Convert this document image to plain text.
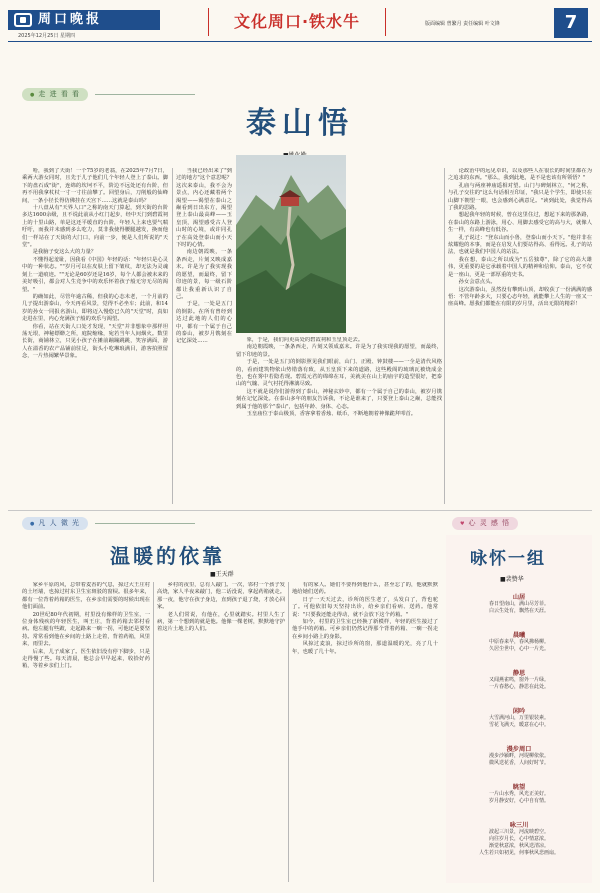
周口晚报
2025年12月25日 星期四
文化周口·铁水牛	版面编辑 曾繁月 责任编辑 叶文锋	7
● 走 进 看 看
泰山悟

哈，我到了天街！一个75岁的老翁，在2025年7月7日，乘两大游女同时，且先于儿子他们几个年轻人登上了泰山。脚下的盘石成"街"，连绵的坎坷不平，阶边不远处还有台阶，但再不用我拿杖杖一寸一寸往前攀了。回望身后，刀削般的仙峰间，一条小径长得仿佛挂在天宫下……这就是泰山吗？

十八盘从有"天界人口"之称的南天门算起，到天街的台阶多达1600余级，且不说此前从小红门起步，经中天门到碧霞祠上的十里山路，单是这还平缓直的台阶，年轻人上来也要气喘吁吁，而我并未感到多么吃力，莫非我使得腰腿越发，换而他们一样站在了天街的大门口，向前一步，便是人们所说的"天堂"。

是我脑子变这么大的力量？

不懂得起羞耻，因我看《中国》年轻的话："年轻只是心灵中的一种状态。""岁月可以在皮肤上留下皱纹，却无法为灵魂刻上一道痕迹。""无论是60岁还是16岁，每个人都会被未来的美好吸引，都会对人生竞争中的欢乐怀着孩子般无穷无尽的渴望。"

的确如此，尽管年逾古稀，但我的心态未老，一个月前的几子提出游泰山，今天再看风景，觉得不必坐车；此前，和14岁的孙女一同报名游山，即将迈入慢悠已久的"天堂"时，真如走进在里，内心充满孩子般的欢乐与渴望。

你看，站在天街人口处才发现，"天堂"并非想象中那样坦荡无垠，神秘缥缈之所，庭院缩缘，宛若当年人间烟火。数里长街，商铺林立，只见小孩子在摊前蹦蹦跳跳，笑容满面，游人在溢香的农产品铺前驻足，街头小吃琳琅满目，游客拍照留念，一片热闹繁华景象。

当我已经出来了"到过的地方"这个意思呢？这次来泰山，我不会为景点，内心还藏着两个渴望——渴望在泰山之巅看到日出东方，渴望登上泰山最高峰——玉皇顶，渴望感受古人登山时的心境，或许同孔子在高处登泰山而小天下时的心情。

南边朝霞映，一条条西走，片刻又映成嘉末。许是为了我实现我的愿望，而最终，留下印迹的景，每一级石阶都让我重新认识了自己。

于是，一处是五门的倒影。在所有曾经到达过此地的人们的心中，都有一个属于自己的泰山，被岁月镌刻在记忆深处……	象，于是，我们向更高处的碧霞祠和玉皇顶走去。

南边朝霞映，一条条西走，片刻又领成嘉末。许是为了我实现我的愿望，而最终，留下印迹的景。

于是，一处是五门的倒影照见我们眼前，山门、正殿、钟鼓楼——一全是清代风格的，看而建筑物依山势错落有致，从玉皇顶下来的道路，这些殿阁的琉璃瓦被烧成金色，也在雾中若隐若现。碧霞元君的绵绵在耳，美就美在山上的庙宇的造型很好，把泰山的气魄、灵气衬托得淋漓尽致。

这不就是说你们游得到了泰山，神秘玄妙中，都有一个属于自己的泰山，被岁月镌刻在记忆深处。在泰山多年的朋友告诉我，不论是谁来了，只要登上泰山之巅，总能找到属于他的那个"泰山"，包括年龄、身体、心态。

玉皇庙位于泰山极顶，香客拿着香烛、纸币，不断地朝着神像跪拜叩首。

论政治中的远见卓识，以及那些人在很长的时间里都在为之追求的东西。"那么，我到此地，是不是也该有所领悟？"

孔庙与两座神庙遥相对望。山门与碑刻林立，"何之称，与孔子交往的"这么句话相互印证，"我只是个学生，即使只在山脚下朝望一眼，也会感到心满意足。"读到此处，我觉得高了我的思路。

想起我年轻的时候，曾在这里住过，想起下来的那条路，在泰山的东路上游泳，用心、用脚去感受它的高与大，就像人生一样，有高峰也有低谷。

孔子说过："登东山而小鲁，登泰山而小天下。"他并非在炫耀他的本事，而是在启发人们要站得高、看得远。孔子的站法，也就是我们中国人的站法。

我在想，泰山之所以成为"五岳独尊"，除了它的高大雄伟，更重要的是它承载着中国人的精神和信仰。泰山，它不仅是一座山，更是一部厚重的史书。

孙女会意点头。

这次游泰山，虽然没有攀到山顶，却收获了一份满满的感悟：不管年龄多大，只要心态年轻，就能攀上人生的一座又一座高峰。愿我们都能在有限的岁月里，活出无限的精彩！

● 凡 人 微 光
温暖的依靠
■王天群

家乡平原的风，总带着麦香的气息，掠过大王庄村的土坯墙，也掠过村东卫生室斑驳的窗棂。很多年来，都有一位背着药箱的医生，在乡亲们需要的时候出现在他们面前。

20世纪80年代初期，村里没有像样的卫生室，一位身体残疾的年轻医生，叫王庄，背着药箱去邻村看病。他左腿有些跛，走起路来一瘸一拐，可他还是要坚持。常常看到他在乡间的土路上走着，背着药箱，风里来，雨里去。

后来，儿子成家了。医生依旧没有停下脚步，只是走得慢了些。每天清晨，他总会早早起来，收拾好药箱，等着乡亲们上门。

乡村的夜里，总有人敲门。一次，邻村一个孩子发高烧，家人半夜来敲门，他二话没说，拿起药箱就走。那一夜，他守在孩子身边，直到孩子退了烧，才放心回家。

老人们常说，有他在，心里就踏实。村里人生了病，第一个想到的就是他。他像一棵老树，默默地守护着这片土地上的人们。

有的家人。她们不要得到他什么，甚至忘了的，他就默默地给她们送药。

日子一天天过去，诊所的医生老了，头发白了，背也驼了。可他依旧每天坚持出诊，给乡亲们看病、送药。他常说："只要我还能走得动，就不会放下这个药箱。"

如今，村里的卫生室已经换了新模样，年轻的医生接过了他手中的药箱。可乡亲们仍然记得那个背着药箱、一瘸一拐走在乡间小路上的身影。

风掠过麦浪，掠过诊所的窗，那道温暖的光，亮了几十年，也暖了几十年。

♥ 心 灵 感 悟
咏怀一组
■裴赞华
山居
春日望南山，满山尽芳菲。
白云生处有，飘然在天涯。
晨曦
中原春来早，春风拂杨柳。
久居尘世中，心中一片光。
静思
又闻燕雀鸣，窗外一片绿。
一片春愁心，静思在此处。
闲吟
大雪满河山，万里银装素。
雪花飞满天，暖意在心中。
漫步周口
漫步沙颍畔，河堤柳依依。
微风送花香，人间好时节。
眺望
一片山水秀，风光正美好。
岁月静安好，心中自有情。
咏三川
波起三川景，河流映碧空。
向往岁月长，心中情意浓。
渐觉秋意浓，秋风送清凉。
人生若只如初见，何事秋风悲画扇。
